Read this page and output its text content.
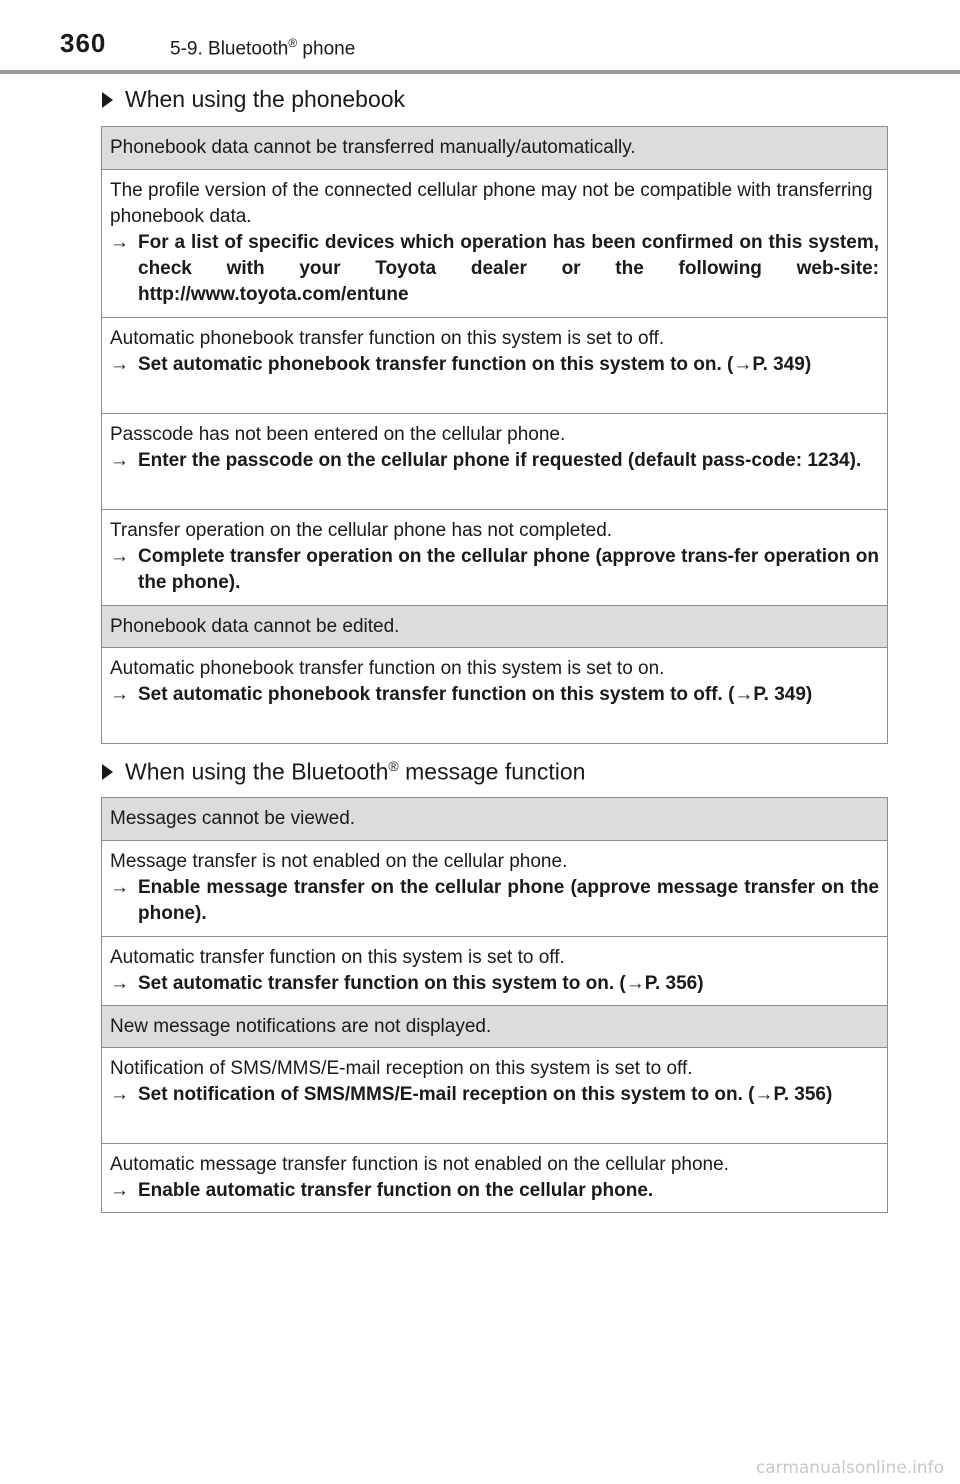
360	5-9. Bluetooth® phone
When using the phonebook
Phonebook data cannot be transferred manually/automatically.
The profile version of the connected cellular phone may not be compatible with transferring phonebook data.
→ For a list of specific devices which operation has been confirmed on this system, check with your Toyota dealer or the following web-site: http://www.toyota.com/entune
Automatic phonebook transfer function on this system is set to off.
→ Set automatic phonebook transfer function on this system to on. (→P. 349)
Passcode has not been entered on the cellular phone.
→ Enter the passcode on the cellular phone if requested (default pass-code: 1234).
Transfer operation on the cellular phone has not completed.
→ Complete transfer operation on the cellular phone (approve trans-fer operation on the phone).
Phonebook data cannot be edited.
Automatic phonebook transfer function on this system is set to on.
→ Set automatic phonebook transfer function on this system to off. (→P. 349)
When using the Bluetooth® message function
Messages cannot be viewed.
Message transfer is not enabled on the cellular phone.
→ Enable message transfer on the cellular phone (approve message transfer on the phone).
Automatic transfer function on this system is set to off.
→ Set automatic transfer function on this system to on. (→P. 356)
New message notifications are not displayed.
Notification of SMS/MMS/E-mail reception on this system is set to off.
→ Set notification of SMS/MMS/E-mail reception on this system to on. (→P. 356)
Automatic message transfer function is not enabled on the cellular phone.
→ Enable automatic transfer function on the cellular phone.
carmanualsonline.info
